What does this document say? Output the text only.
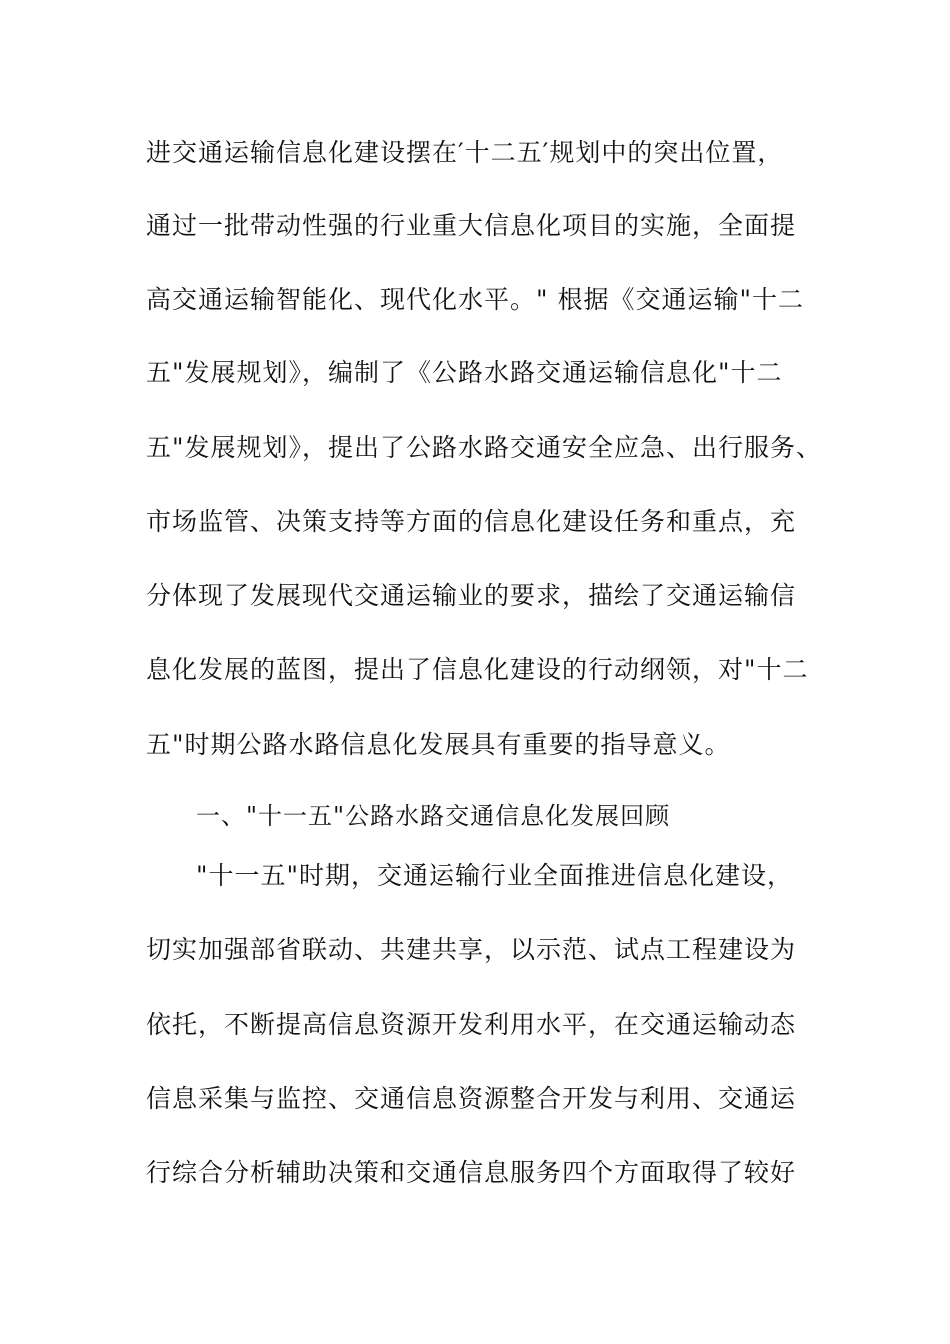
进交通运输信息化建设摆在′十二五′规划中的突出位置，
通过一批带动性强的行业重大信息化项目的实施，全面提
高交通运输智能化、现代化水平。" 根据《交通运输"十二
五"发展规划》，编制了《公路水路交通运输信息化"十二
五"发展规划》，提出了公路水路交通安全应急、出行服务、
市场监管、决策支持等方面的信息化建设任务和重点，充
分体现了发展现代交通运输业的要求，描绘了交通运输信
息化发展的蓝图，提出了信息化建设的行动纲领，对"十二
五"时期公路水路信息化发展具有重要的指导意义。
一、"十一五"公路水路交通信息化发展回顾
"十一五"时期，交通运输行业全面推进信息化建设，
切实加强部省联动、共建共享，以示范、试点工程建设为
依托，不断提高信息资源开发利用水平，在交通运输动态
信息采集与监控、交通信息资源整合开发与利用、交通运
行综合分析辅助决策和交通信息服务四个方面取得了较好
